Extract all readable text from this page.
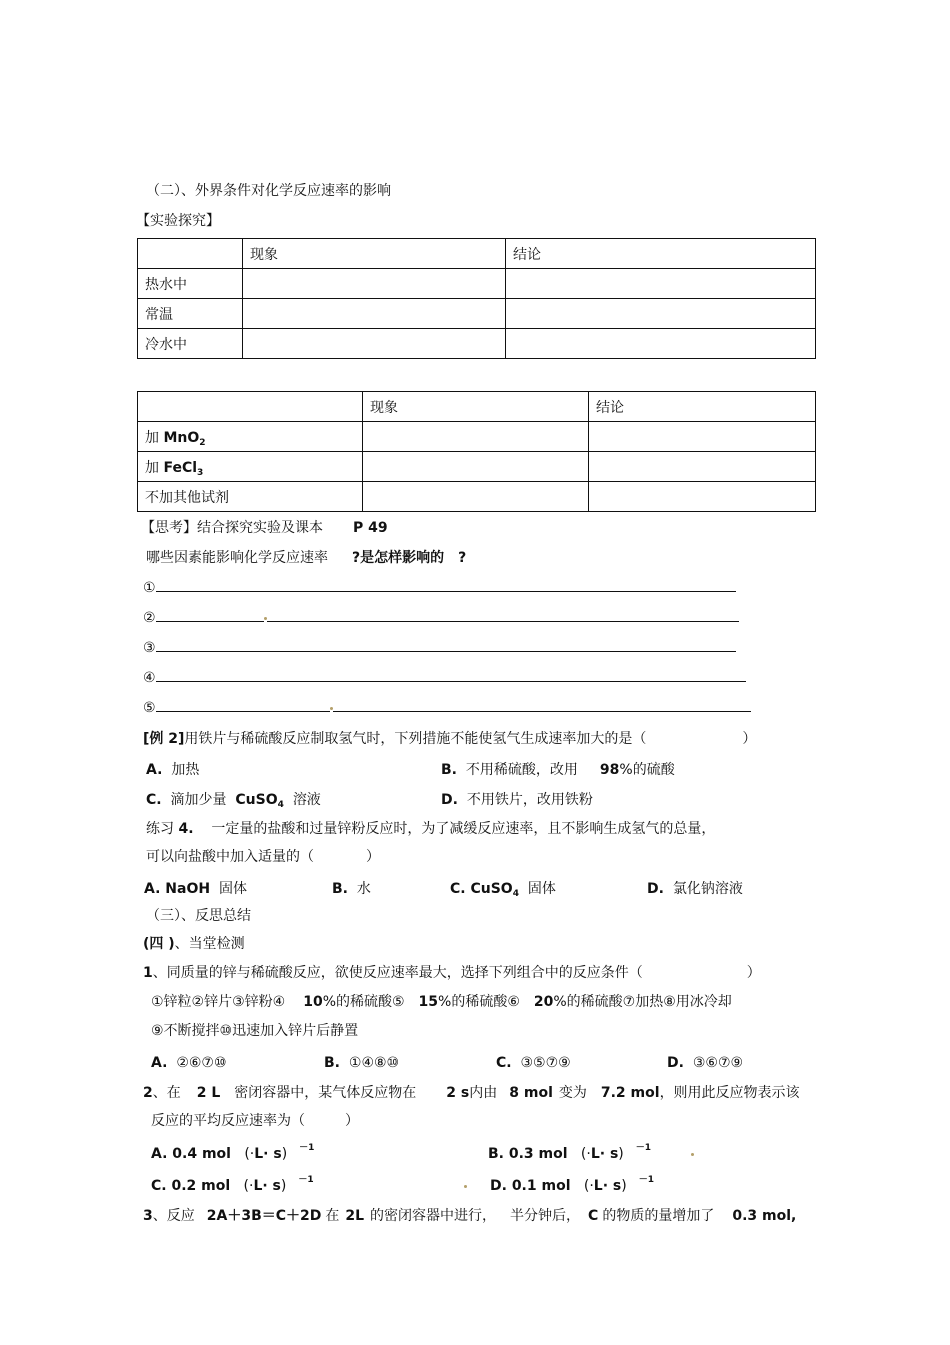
（二）、外界条件对化学反应速率的影响
【实验探究】
	现象	结论
热水中		
常温		
冷水中		
	现象	结论
加 MnO$_2$		
加 FeCl$_3$		
不加其他试剂		
【思考】结合探究实验及课本 P 49
哪些因素能影响化学反应速率 ?是怎样影响的 ?
①
②
③
④
⑤
[例 2]用铁片与稀硫酸反应制取氢气时，下列措施不能使氢气生成速率加大的是（	）
A. 加热	B. 不用稀硫酸，改用 98%的硫酸
C. 滴加少量 CuSO$_4$ 溶液	D. 不用铁片，改用铁粉
练习 4. 一定量的盐酸和过量锌粉反应时，为了减缓反应速率，且不影响生成氢气的总量，
可以向盐酸中加入适量的（	）
A. NaOH 固体	B. 水	C. CuSO$_4$ 固体	D. 氯化钠溶液
（三）、反思总结
(四 )、当堂检测
1、同质量的锌与稀硫酸反应，欲使反应速率最大，选择下列组合中的反应条件（	）
①锌粒②锌片③锌粉④ 10%的稀硫酸⑤ 15%的稀硫酸⑥ 20%的稀硫酸⑦加热⑧用冰冷却
⑨不断搅拌⑩迅速加入锌片后静置
A. ②⑥⑦⑩	B. ①④⑧⑩	C. ③⑤⑦⑨	D. ③⑥⑦⑨
2、在 2 L 密闭容器中，某气体反应物在 2 s内由 8 mol 变为 7.2 mol，则用此反应物表示该
反应的平均反应速率为（	）
A. 0.4 mol (·L· s) $^{-1}$	B. 0.3 mol (·L· s) $^{-1}$
C. 0.2 mol (·L· s) $^{-1}$	D. 0.1 mol (·L· s) $^{-1}$
3、反应 2A＋3B＝C＋2D 在 2L 的密闭容器中进行， 半分钟后， C 的物质的量增加了 0.3 mol,
